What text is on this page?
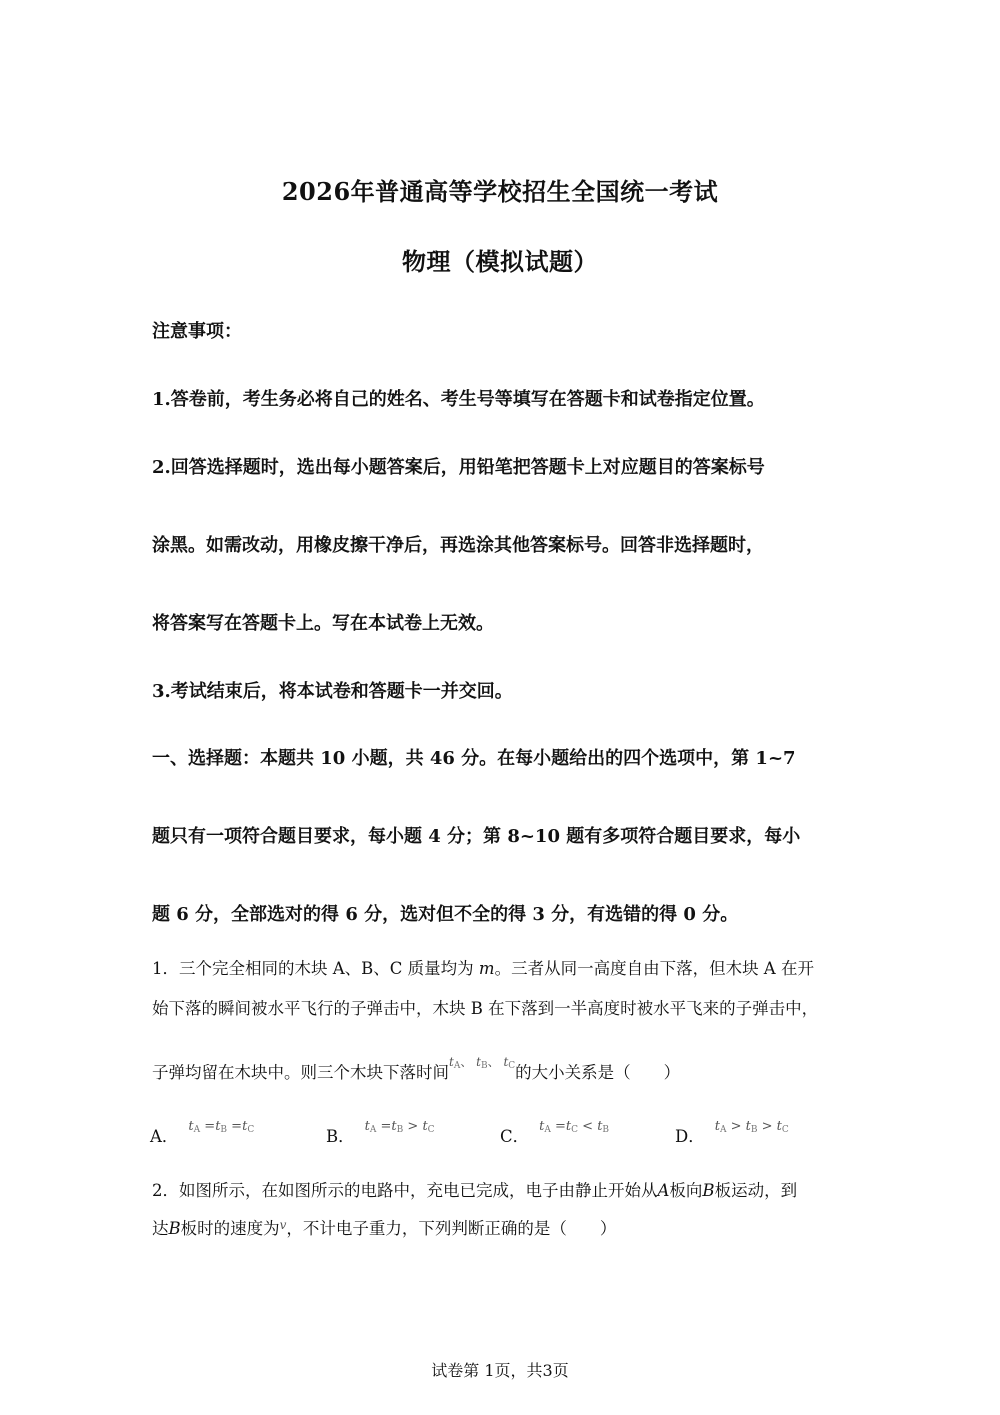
2026年普通高等学校招生全国统一考试
物理（模拟试题）
注意事项：
1.答卷前，考生务必将自己的姓名、考生号等填写在答题卡和试卷指定位置。
2.回答选择题时，选出每小题答案后，用铅笔把答题卡上对应题目的答案标号
涂黑。如需改动，用橡皮擦干净后，再选涂其他答案标号。回答非选择题时，
将答案写在答题卡上。写在本试卷上无效。
3.考试结束后，将本试卷和答题卡一并交回。
一、选择题：本题共 10 小题，共 46 分。在每小题给出的四个选项中，第 1~7
题只有一项符合题目要求，每小题 4 分；第 8~10 题有多项符合题目要求，每小
题 6 分，全部选对的得 6 分，选对但不全的得 3 分，有选错的得 0 分。
1．三个完全相同的木块 A、B、C 质量均为 m。三者从同一高度自由下落，但木块 A 在开
始下落的瞬间被水平飞行的子弹击中，木块 B 在下落到一半高度时被水平飞来的子弹击中，
子弹均留在木块中。则三个木块下落时间tA、 tB、 tC的大小关系是（　　）
A．tA =tB =tC	B．tA =tB > tC	C．tA =tC < tB	D．tA > tB > tC
2．如图所示，在如图所示的电路中，充电已完成，电子由静止开始从A板向B板运动，到
达B板时的速度为$^v$，不计电子重力，下列判断正确的是（　　）
试卷第 1页，共3页
